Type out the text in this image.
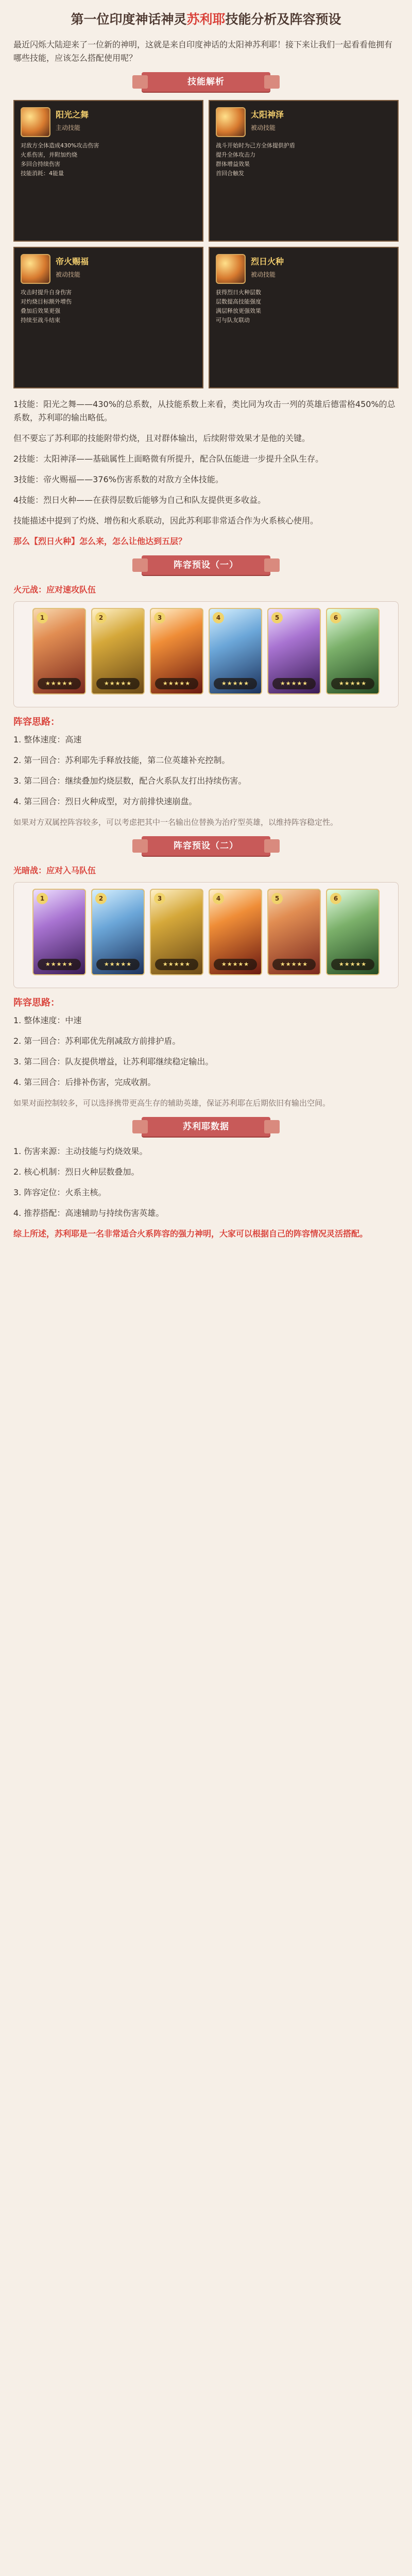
第一位印度神话神灵苏利耶技能分析及阵容预设

最近闪烁大陆迎来了一位新的神明，这就是来自印度神话的太阳神苏利耶！接下来让我们一起看看他拥有哪些技能，应该怎么搭配使用呢？

技能解析
阳光之舞
主动技能
对敌方全体造成430%攻击伤害
火系伤害，并附加灼烧
多回合持续伤害
技能消耗：4能量
太阳神泽
被动技能
战斗开始时为己方全体提供护盾
提升全体攻击力
群体增益效果
首回合触发
帝火赐福
被动技能
攻击时提升自身伤害
对灼烧目标额外增伤
叠加后效果更强
持续至战斗结束
烈日火种
被动技能
获得烈日火种层数
层数提高技能强度
满层释放更强效果
可与队友联动

1技能：阳光之舞——430%的总系数，从技能系数上来看，类比同为攻击一列的英雄后德雷格450%的总系数，苏利耶的输出略低。

但不要忘了苏利耶的技能附带灼烧，且对群体输出，后续附带效果才是他的关键。

2技能：太阳神泽——基础属性上面略微有所提升，配合队伍能进一步提升全队生存。

3技能：帝火赐福——376%伤害系数的对敌方全体技能。

4技能：烈日火种——在获得层数后能够为自己和队友提供更多收益。

技能描述中提到了灼烧、增伤和火系联动，因此苏利耶非常适合作为火系核心使用。

那么【烈日火种】怎么来，怎么让他达到五层？

阵容预设（一）
火元战：应对速攻队伍
1
★★★★★
2
★★★★★
3
★★★★★
4
★★★★★
5
★★★★★
6
★★★★★
阵容思路：

1. 整体速度：高速

2. 第一回合：苏利耶先手释放技能，第二位英雄补充控制。

3. 第二回合：继续叠加灼烧层数，配合火系队友打出持续伤害。

4. 第三回合：烈日火种成型，对方前排快速崩盘。

如果对方双属控阵容较多，可以考虑把其中一名输出位替换为治疗型英雄，以维持阵容稳定性。

阵容预设（二）
光暗战：应对入马队伍
1
★★★★★
2
★★★★★
3
★★★★★
4
★★★★★
5
★★★★★
6
★★★★★
阵容思路：

1. 整体速度：中速

2. 第一回合：苏利耶优先削减敌方前排护盾。

3. 第二回合：队友提供增益，让苏利耶继续稳定输出。

4. 第三回合：后排补伤害，完成收割。

如果对面控制较多，可以选择携带更高生存的辅助英雄，保证苏利耶在后期依旧有输出空间。

苏利耶数据

1. 伤害来源：主动技能与灼烧效果。

2. 核心机制：烈日火种层数叠加。

3. 阵容定位：火系主核。

4. 推荐搭配：高速辅助与持续伤害英雄。

综上所述，苏利耶是一名非常适合火系阵容的强力神明，大家可以根据自己的阵容情况灵活搭配。
